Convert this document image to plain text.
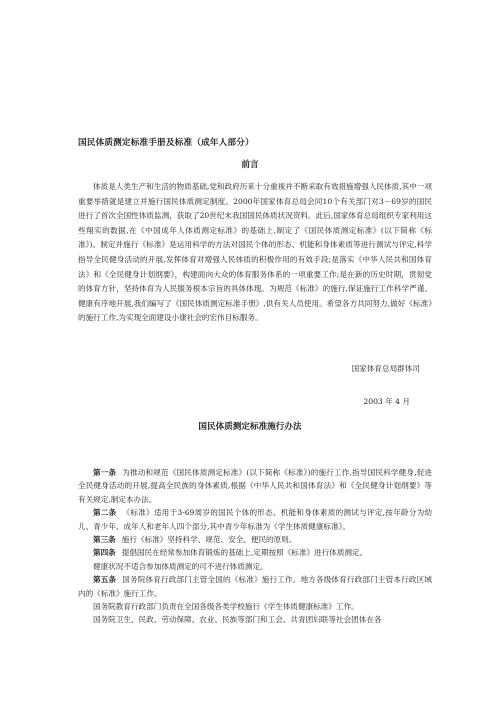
国民体质测定标准手册及标准（成年人部分）
前言

体质是人类生产和生活的物质基础,党和政府历来十分重视并不断采取有效措施增强人民体质,其中一项重要举措就是建立并施行国民体质测定制度。2000年国家体育总局会同10个有关部门对3－69岁的国民进行了首次全国性体质监测，获取了20世纪末我国国民体质状况资料。此后,国家体育总局组织专家利用这些翔实的数据,在《中国成年人体质测定标准》的基础上,制定了《国民体质测定标准》(以下简称《标准》)。制定并施行《标准》是运用科学的方法对国民个体的形态、机能和身体素质等进行测试与评定,科学指导全民健身活动的开展,发挥体育对增强人民体质的积极作用的有效手段;是落实《中华人民共和国体育法》和《全民健身计划纲要》，构建面向大众的体育服务体系的一项重要工作;是在新的历史时期，贯彻党的体育方针，坚持体育为人民服务根本宗旨的具体体现。为规范《标准》的施行,保证施行工作科学严谨、健康有序地开展,我们编写了《国民体质测定标准手册》,供有关人员使用。希望各方共同努力,做好《标准》的施行工作,为实现全面建设小康社会的宏伟目标服务。

国家体育总局群体司
2003 年 4 月
国民体质测定标准施行办法

第一条 为推动和规范《国民体质测定标准》(以下简称《标准》)的施行工作,指导国民科学健身,促进全民健身活动的开展,提高全民族的身体素质,根据《中华人民共和国体育法》和《全民健身计划纲要》等有关规定,制定本办法。

第二条 《标准》适用于3-69周岁的国民个体的形态、机能和身体素质的测试与评定,按年龄分为幼儿、青少年、成年人和老年人四个部分,其中青少年标准为《学生体质健康标准》。

第三条 施行《标准》坚持科学、规范、安全、便民的原则。

第四条 提倡国民在经常参加体育锻炼的基础上,定期按照《标准》进行体质测定。

健康状况不适合参加体质测定的可不进行体质测定。

第五条 国务院体育行政部门主管全国的《标准》施行工作。地方各级体育行政部门主管本行政区域内的《标准》施行工作。

国务院教育行政部门负责在全国各级各类学校施行《学生体质健康标准》工作。

国务院卫生、民政、劳动保障、农业、民族等部门和工会、共青团妇联等社会团体在各
